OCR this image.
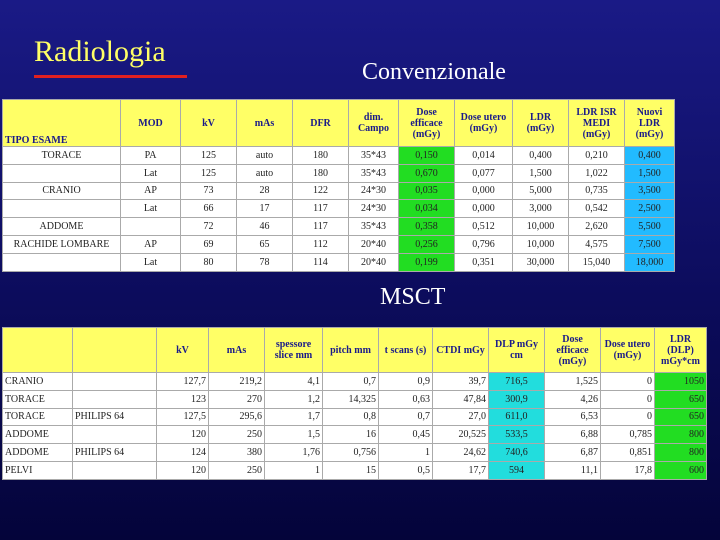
Radiologia
Convenzionale
MSCT
TIPO ESAME	MOD	kV	mAs	DFR	dim. Campo	Dose efficace (mGy)	Dose utero (mGy)	LDR (mGy)	LDR ISR MEDI (mGy)	Nuovi LDR (mGy)
TORACE	PA	125	auto	180	35*43	0,150	0,014	0,400	0,210	0,400
	Lat	125	auto	180	35*43	0,670	0,077	1,500	1,022	1,500
CRANIO	AP	73	28	122	24*30	0,035	0,000	5,000	0,735	3,500
	Lat	66	17	117	24*30	0,034	0,000	3,000	0,542	2,500
ADDOME		72	46	117	35*43	0,358	0,512	10,000	2,620	5,500
RACHIDE LOMBARE	AP	69	65	112	20*40	0,256	0,796	10,000	4,575	7,500
	Lat	80	78	114	20*40	0,199	0,351	30,000	15,040	18,000
		kV	mAs	spessore slice mm	pitch mm	t scans (s)	CTDI mGy	DLP mGy cm	Dose efficace (mGy)	Dose utero (mGy)	LDR (DLP) mGy*cm
CRANIO		127,7	219,2	4,1	0,7	0,9	39,7	716,5	1,525	0	1050
TORACE		123	270	1,2	14,325	0,63	47,84	300,9	4,26	0	650
TORACE	PHILIPS 64	127,5	295,6	1,7	0,8	0,7	27,0	611,0	6,53	0	650
ADDOME		120	250	1,5	16	0,45	20,525	533,5	6,88	0,785	800
ADDOME	PHILIPS 64	124	380	1,76	0,756	1	24,62	740,6	6,87	0,851	800
PELVI		120	250	1	15	0,5	17,7	594	11,1	17,8	600
